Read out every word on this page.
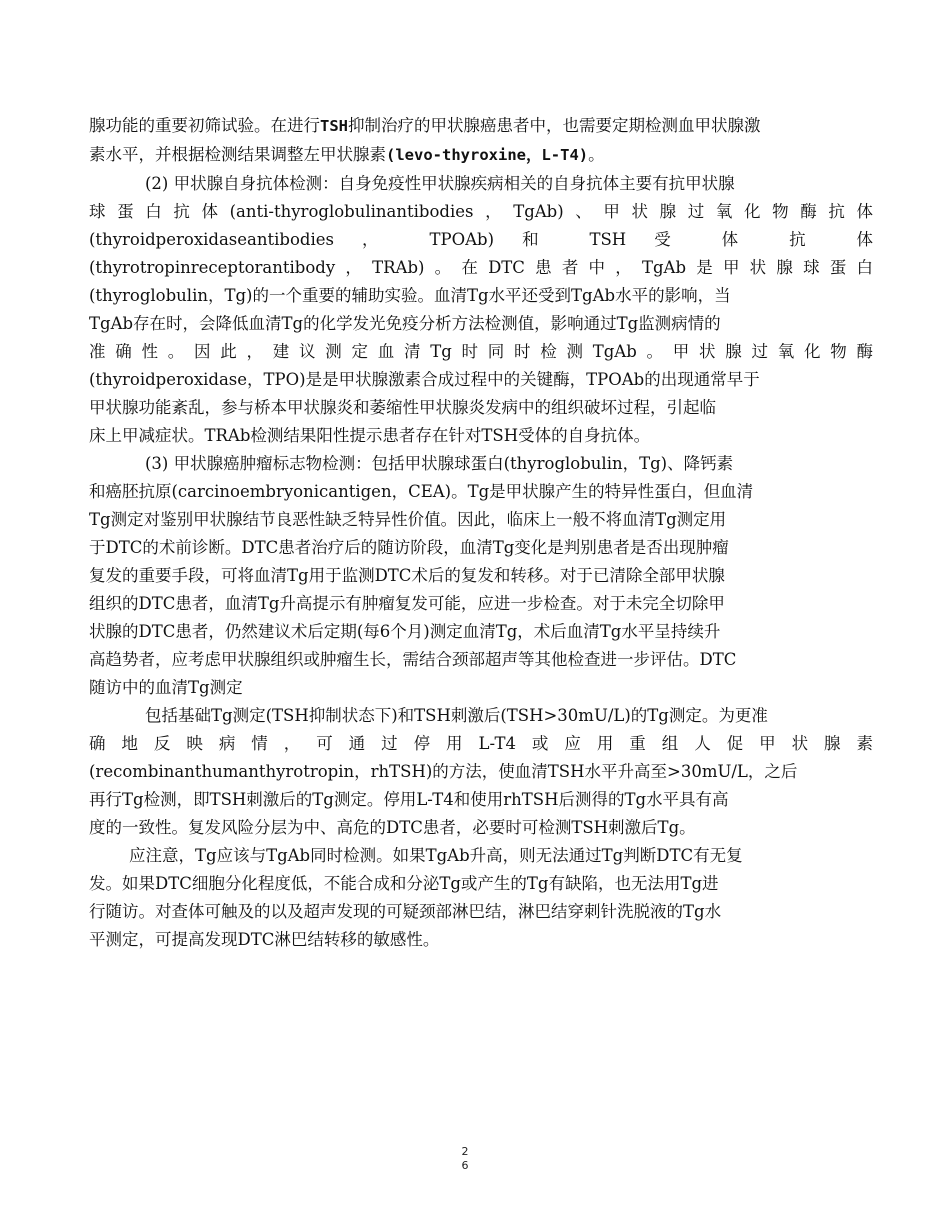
腺功能的重要初筛试验。在进行TSH抑制治疗的甲状腺癌患者中，也需要定期检测血甲状腺激
素水平，并根据检测结果调整左甲状腺素(levo-thyroxine，L-T4)。
(2) 甲状腺自身抗体检测：自身免疫性甲状腺疾病相关的自身抗体主要有抗甲状腺
球蛋白抗体(anti-thyroglobulinantibodies，TgAb)、甲状腺过氧化物酶抗体
(thyroidperoxidaseantibodies ， TPOAb) 和 TSH 受 体 抗 体
(thyrotropinreceptorantibody，TRAb)。在DTC患者中，TgAb是甲状腺球蛋白
(thyroglobulin，Tg)的一个重要的辅助实验。血清Tg水平还受到TgAb水平的影响，当
TgAb存在时，会降低血清Tg的化学发光免疫分析方法检测值，影响通过Tg监测病情的
准确性。因此，建议测定血清Tg时同时检测TgAb。甲状腺过氧化物酶
(thyroidperoxidase，TPO)是是甲状腺激素合成过程中的关键酶，TPOAb的出现通常早于
甲状腺功能紊乱，参与桥本甲状腺炎和萎缩性甲状腺炎发病中的组织破坏过程，引起临
床上甲减症状。TRAb检测结果阳性提示患者存在针对TSH受体的自身抗体。
(3) 甲状腺癌肿瘤标志物检测：包括甲状腺球蛋白(thyroglobulin，Tg)、降钙素
和癌胚抗原(carcinoembryonicantigen，CEA)。Tg是甲状腺产生的特异性蛋白，但血清
Tg测定对鉴别甲状腺结节良恶性缺乏特异性价值。因此，临床上一般不将血清Tg测定用
于DTC的术前诊断。DTC患者治疗后的随访阶段，血清Tg变化是判别患者是否出现肿瘤
复发的重要手段，可将血清Tg用于监测DTC术后的复发和转移。对于已清除全部甲状腺
组织的DTC患者，血清Tg升高提示有肿瘤复发可能，应进一步检查。对于未完全切除甲
状腺的DTC患者，仍然建议术后定期(每6个月)测定血清Tg，术后血清Tg水平呈持续升
高趋势者，应考虑甲状腺组织或肿瘤生长，需结合颈部超声等其他检查进一步评估。DTC
随访中的血清Tg测定
包括基础Tg测定(TSH抑制状态下)和TSH刺激后(TSH>30mU/L)的Tg测定。为更准
确地反映病情，可通过停用L-T4或应用重组人促甲状腺素
(recombinanthumanthyrotropin，rhTSH)的方法，使血清TSH水平升高至>30mU/L，之后
再行Tg检测，即TSH刺激后的Tg测定。停用L-T4和使用rhTSH后测得的Tg水平具有高
度的一致性。复发风险分层为中、高危的DTC患者，必要时可检测TSH刺激后Tg。
应注意，Tg应该与TgAb同时检测。如果TgAb升高，则无法通过Tg判断DTC有无复
发。如果DTC细胞分化程度低，不能合成和分泌Tg或产生的Tg有缺陷，也无法用Tg进
行随访。对查体可触及的以及超声发现的可疑颈部淋巴结，淋巴结穿刺针洗脱液的Tg水
平测定，可提高发现DTC淋巴结转移的敏感性。
2
6
